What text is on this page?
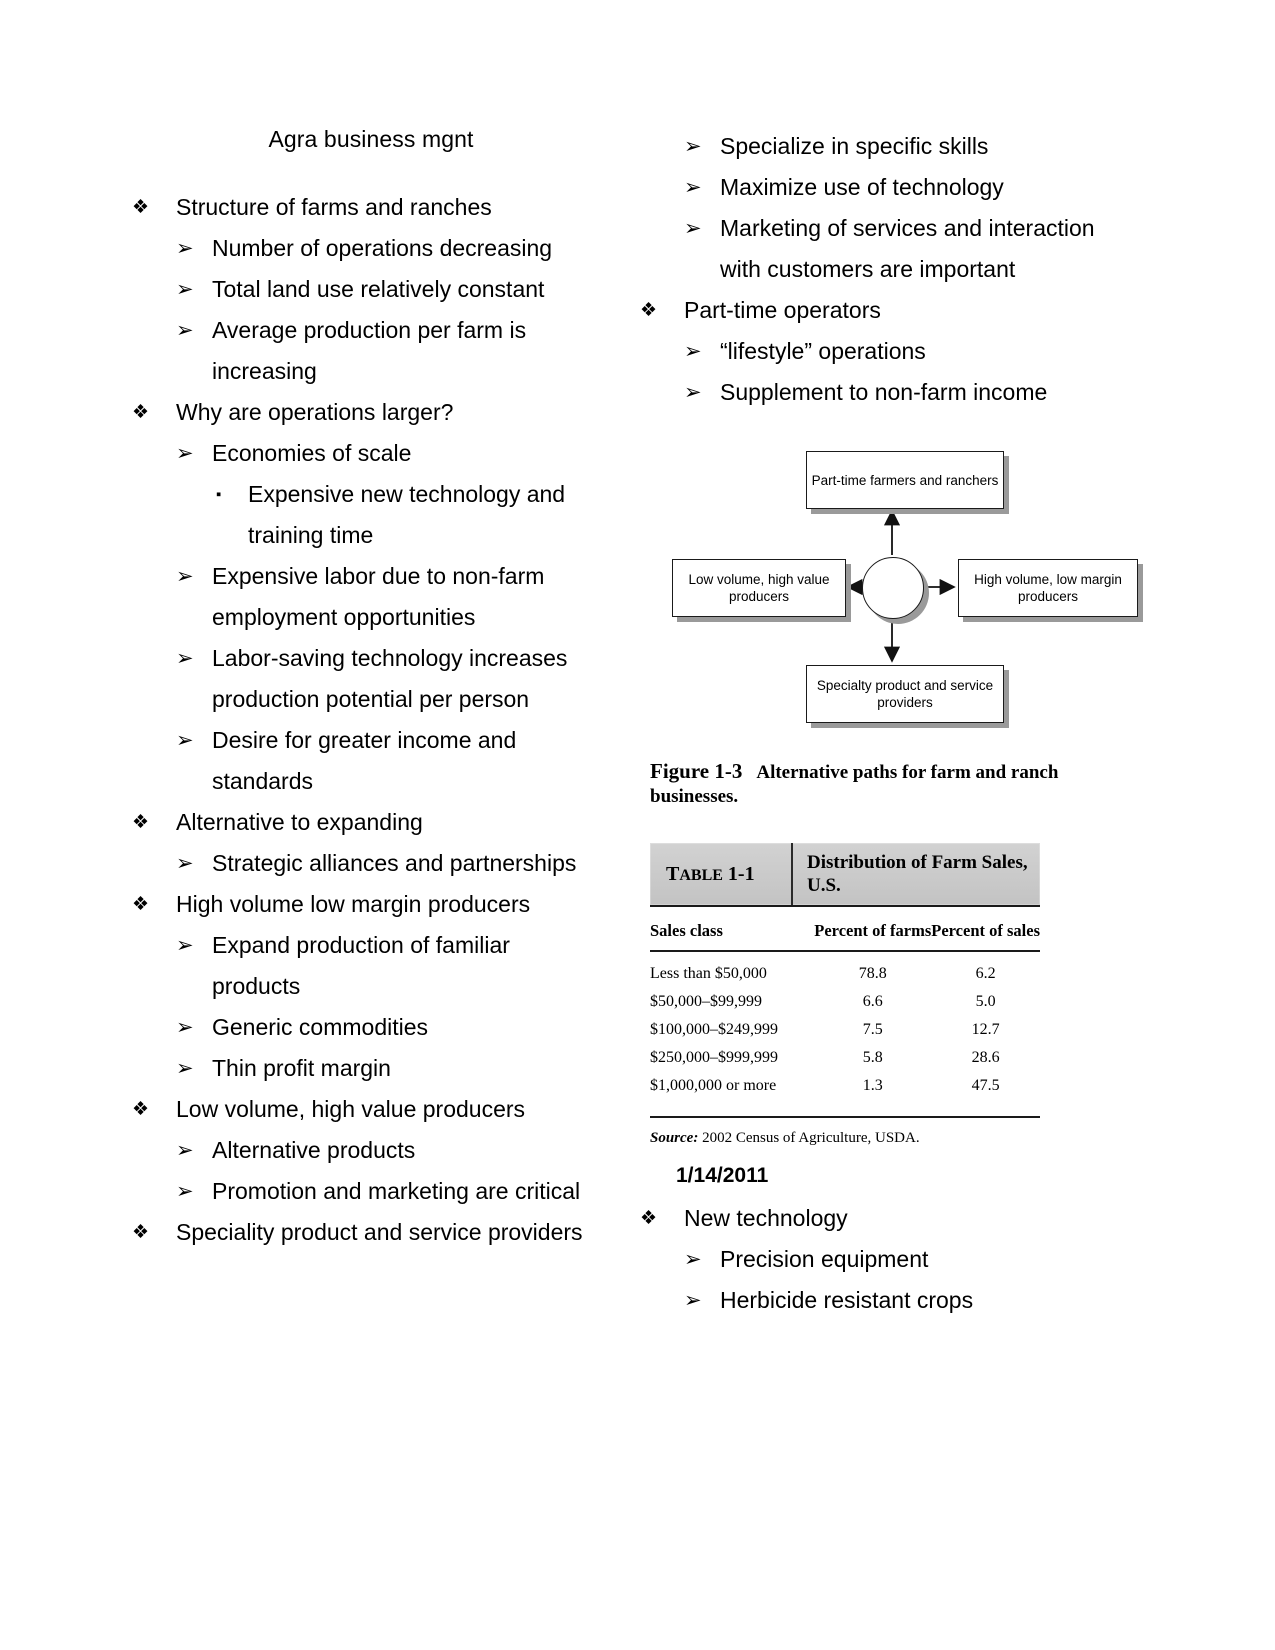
Agra business mgnt
❖	Structure of farms and ranches
➢ Number of operations decreasing
➢ Total land use relatively constant
➢ Average production per farm is increasing
❖	Why are operations larger?
➢ Economies of scale
▪	Expensive new technology and training time
➢ Expensive labor due to non-farm employment opportunities
➢ Labor-saving technology increases production potential per person
➢ Desire for greater income and standards
❖	Alternative to expanding
➢ Strategic alliances and partnerships
❖	High volume low margin producers
➢ Expand production of familiar products
➢ Generic commodities
➢ Thin profit margin
❖	Low volume, high value producers
➢ Alternative products
➢ Promotion and marketing are critical
❖	Speciality product and service providers
➢ Specialize in specific skills
➢ Maximize use of technology
➢ Marketing of services and interaction with customers are important
❖	Part-time operators
➢ “lifestyle” operations
➢ Supplement to non-farm income
Part-time farmers and ranchers
Low volume, high value producers
High volume, low margin producers
Specialty product and service providers
Figure 1-3 Alternative paths for farm and ranch businesses.
TABLE 1-1	Distribution of Farm Sales, U.S.
Sales class	Percent of farms	Percent of sales
Less than $50,000	78.8	6.2
$50,000–$99,999	6.6	5.0
$100,000–$249,999	7.5	12.7
$250,000–$999,999	5.8	28.6
$1,000,000 or more	1.3	47.5
Source: 2002 Census of Agriculture, USDA.
1/14/2011
❖	New technology
➢ Precision equipment
➢ Herbicide resistant crops
